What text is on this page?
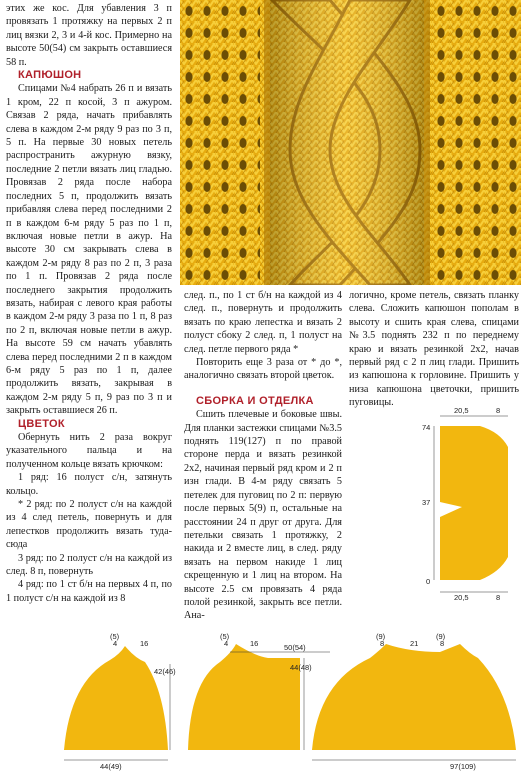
этих же кос. Для убавления 3 п провязать 1 протяжку на первых 2 п лиц вязки 2, 3 и 4-й кос. Примерно на высоте 50(54) см закрыть оставшиеся 58 п.

КАПЮШОН

Спицами №4 набрать 26 п и вязать 1 кром, 22 п косой, 3 п ажуром. Связав 2 ряда, начать прибавлять слева в каждом 2-м ряду 9 раз по 3 п, 5 п. На первые 30 новых петель распространить ажурную вязку, последние 2 петли вязать лиц гладью. Провязав 2 ряда после набора последних 5 п, продолжить вязать прибавляя слева перед последними 2 п в каждом 6-м ряду 5 раз по 1 п, включая новые петли в ажур. На высоте 30 см закрывать слева в каждом 2-м ряду 8 раз по 2 п, 3 раза по 1 п. Провязав 2 ряда после последнего закрытия продолжить вязать, набирая с левого края работы в каждом 2-м ряду 3 раза по 1 п, 8 раз по 2 п, включая новые петли в ажур. На высоте 59 см начать убавлять слева перед последними 2 п в каждом 6-м ряду 5 раз по 1 п, далее продолжить вязать, закрывая в каждом 2-м ряду 5 п, 9 раз по 3 п и закрыть оставшиеся 26 п.

ЦВЕТОК

Обернуть нить 2 раза вокруг указательного пальца и на полученном кольце вязать крючком:

1 ряд: 16 полуст с/н, затянуть кольцо.

* 2 ряд: по 2 полуст с/н на каждой из 4 след петель, повернуть и для лепестков продолжить вязать туда-сюда

3 ряд: по 2 полуст с/н на каждой из след. 8 п, повернуть

4 ряд: по 1 ст б/н на первых 4 п, по 1 полуст с/н на каждой из 8

след. п., по 1 ст б/н на каждой из 4 след. п., повернуть и продолжить вязать по краю лепестка и вязать 2 полуст сбоку 2 след. п, 1 полуст на след. петле первого ряда *

Повторить еще 3 раза от * до *, аналогично связать второй цветок.

СБОРКА И ОТДЕЛКА

Сшить плечевые и боковые швы. Для планки застежки спицами №3.5 поднять 119(127) п по правой стороне перда и вязать резинкой 2х2, начиная первый ряд кром и 2 п изн глади. В 4-м ряду связать 5 петелек для пуговиц по 2 п: первую после первых 5(9) п, остальные на расстоянии 24 п друг от друга. Для петельки связать 1 протяжку, 2 накида и 2 вместе лиц, в след. ряду вязать на первом накиде 1 лиц скрещенную и 1 лиц на втором. На высоте 2.5 см провязать 4 ряда полой резинкой, закрыть все петли. Ана-

логично, кроме петель, связать планку слева. Сложить капюшон пополам в высоту и сшить края слева, спицами №3.5 поднять 232 п по переднему краю и вязать резинкой 2х2, начав первый ряд с 2 п лиц глади. Пришить из капюшона к горловине. Пришить у низа капюшона цветочки, пришить пуговицы.

20,5	8
74
37
0
20,5	8
(5)
4	16
42(46)
44(49)
(5)
4	16
44(48)
50(54)
(9)
8	21
(9)
8
97(109)
